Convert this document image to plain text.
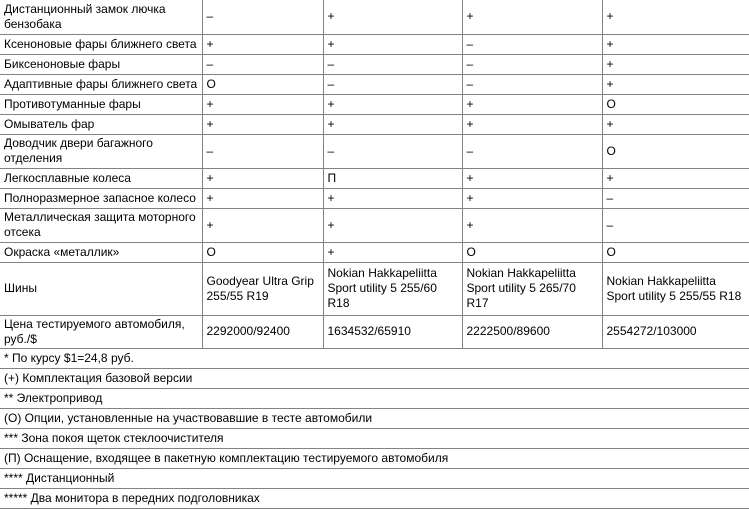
Дистанционный замок лючка бензобака	–	+	+	+
Ксеноновые фары ближнего света	+	+	–	+
Биксеноновые фары	–	–	–	+
Адаптивные фары ближнего света	О	–	–	+
Противотуманные фары	+	+	+	О
Омыватель фар	+	+	+	+
Доводчик двери багажного отделения	–	–	–	О
Легкосплавные колеса	+	П	+	+
Полноразмерное запасное колесо	+	+	+	–
Металлическая защита моторного отсека	+	+	+	–
Окраска «металлик»	О	+	О	О
Шины	Goodyear Ultra Grip 255/55 R19	Nokian Hakkapeliitta Sport utility 5 255/60 R18	Nokian Hakkapeliitta Sport utility 5 265/70 R17	Nokian Hakkapeliitta Sport utility 5 255/55 R18
Цена тестируемого автомобиля, руб./$	2292000/92400	1634532/65910	2222500/89600	2554272/103000
* По курсу $1=24,8 руб.				
(+) Комплектация базовой версии				
** Электропривод				
(О) Опции, установленные на участвовавшие в тесте автомобили				
*** Зона покоя щеток стеклоочистителя				
(П) Оснащение, входящее в пакетную комплектацию тестируемого автомобиля				
**** Дистанционный				
***** Два монитора в передних подголовниках				
